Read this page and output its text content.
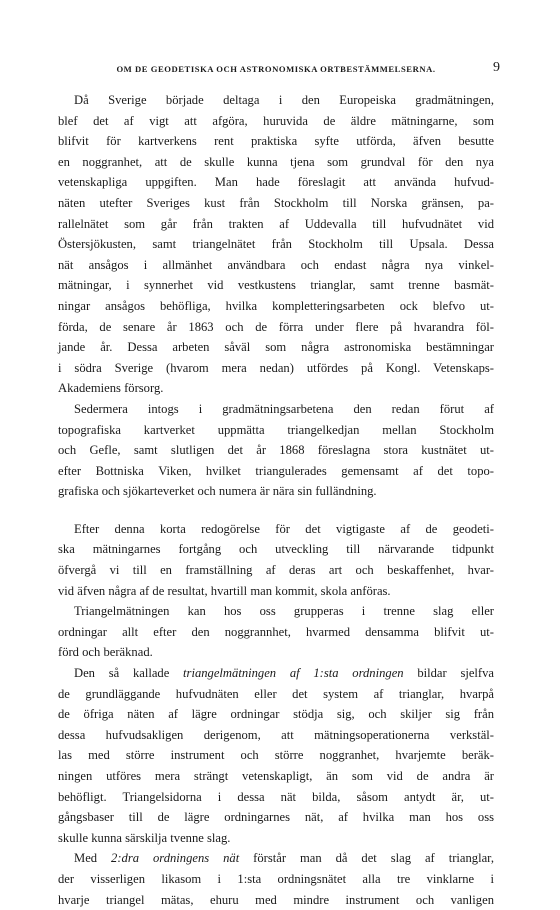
OM DE GEODETISKA OCH ASTRONOMISKA ORTBESTÄMMELSERNA.	9
Då Sverige började deltaga i den Europeiska gradmätningen,
blef det af vigt att afgöra, huruvida de äldre mätningarne, som
blifvit för kartverkens rent praktiska syfte utförda, äfven besutte
en noggranhet, att de skulle kunna tjena som grundval för den nya
vetenskapliga uppgiften. Man hade föreslagit att använda hufvud-
näten utefter Sveriges kust från Stockholm till Norska gränsen, pa-
rallelnätet som går från trakten af Uddevalla till hufvudnätet vid
Östersjökusten, samt triangelnätet från Stockholm till Upsala. Dessa
nät ansågos i allmänhet användbara och endast några nya vinkel-
mätningar, i synnerhet vid vestkustens trianglar, samt trenne basmät-
ningar ansågos behöfliga, hvilka kompletteringsarbeten ock blefvo ut-
förda, de senare år 1863 och de förra under flere på hvarandra föl-
jande år. Dessa arbeten såväl som några astronomiska bestämningar
i södra Sverige (hvarom mera nedan) utfördes på Kongl. Vetenskaps-
Akademiens försorg.
Sedermera intogs i gradmätningsarbetena den redan förut af
topografiska kartverket uppmätta triangelkedjan mellan Stockholm
och Gefle, samt slutligen det år 1868 föreslagna stora kustnätet ut-
efter Bottniska Viken, hvilket triangulerades gemensamt af det topo-
grafiska och sjökarteverket och numera är nära sin fulländning.
Efter denna korta redogörelse för det vigtigaste af de geodeti-
ska mätningarnes fortgång och utveckling till närvarande tidpunkt
öfvergå vi till en framställning af deras art och beskaffenhet, hvar-
vid äfven några af de resultat, hvartill man kommit, skola anföras.
Triangelmätningen kan hos oss grupperas i trenne slag eller
ordningar allt efter den noggrannhet, hvarmed densamma blifvit ut-
förd och beräknad.
Den så kallade triangelmätningen af 1:sta ordningen bildar sjelfva
de grundläggande hufvudnäten eller det system af trianglar, hvarpå
de öfriga näten af lägre ordningar stödja sig, och skiljer sig från
dessa hufvudsakligen derigenom, att mätningsoperationerna verkstäl-
las med större instrument och större noggranhet, hvarjemte beräk-
ningen utföres mera strängt vetenskapligt, än som vid de andra är
behöfligt. Triangelsidorna i dessa nät bilda, såsom antydt är, ut-
gångsbaser till de lägre ordningarnes nät, af hvilka man hos oss
skulle kunna särskilja tvenne slag.
Med 2:dra ordningens nät förstår man då det slag af trianglar,
der visserligen likasom i 1:sta ordningsnätet alla tre vinklarne i
hvarje triangel mätas, ehuru med mindre instrument och vanligen
